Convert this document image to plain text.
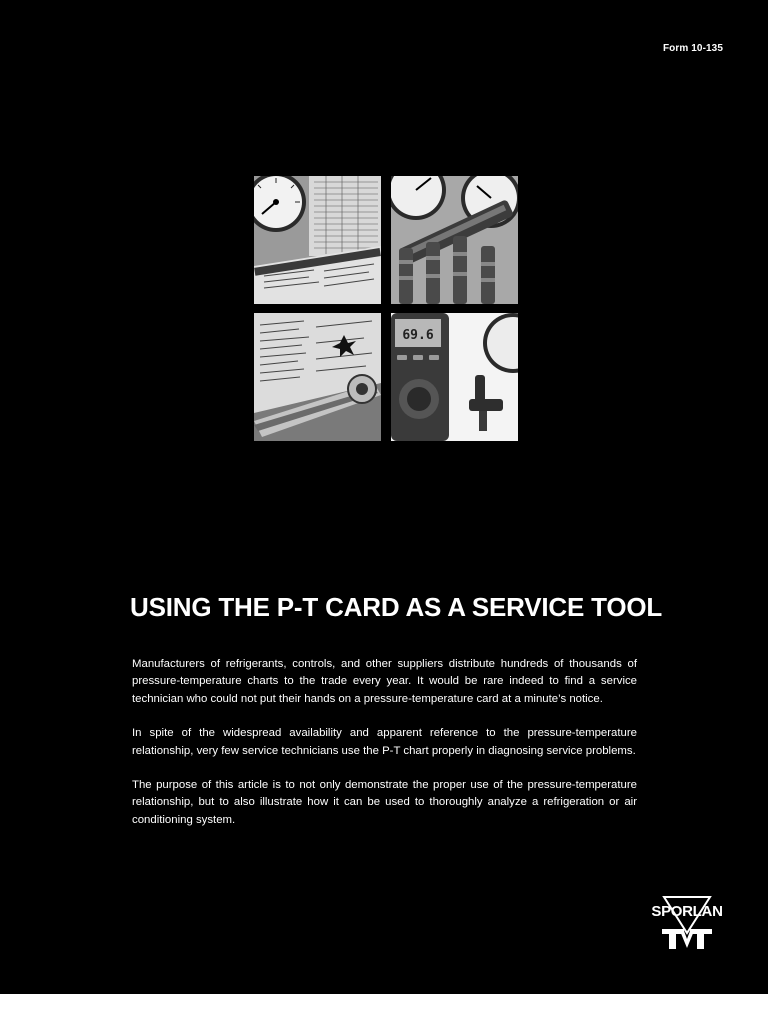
Form 10-135
69.6
USING THE P-T CARD AS A SERVICE TOOL

Manufacturers of refrigerants, controls, and other suppliers distribute hundreds of thousands of pressure-temperature charts to the trade every year. It would be rare indeed to find a service technician who could not put their hands on a pressure-temperature card at a minute’s notice.

In spite of the widespread availability and apparent reference to the pressure-temperature relationship, very few service technicians use the P-T chart properly in diagnosing service problems.

The purpose of this article is to not only demonstrate the proper use of the pressure-temperature relationship, but to also illustrate how it can be used to thoroughly analyze a refrigeration or air conditioning system.

SPORLAN
